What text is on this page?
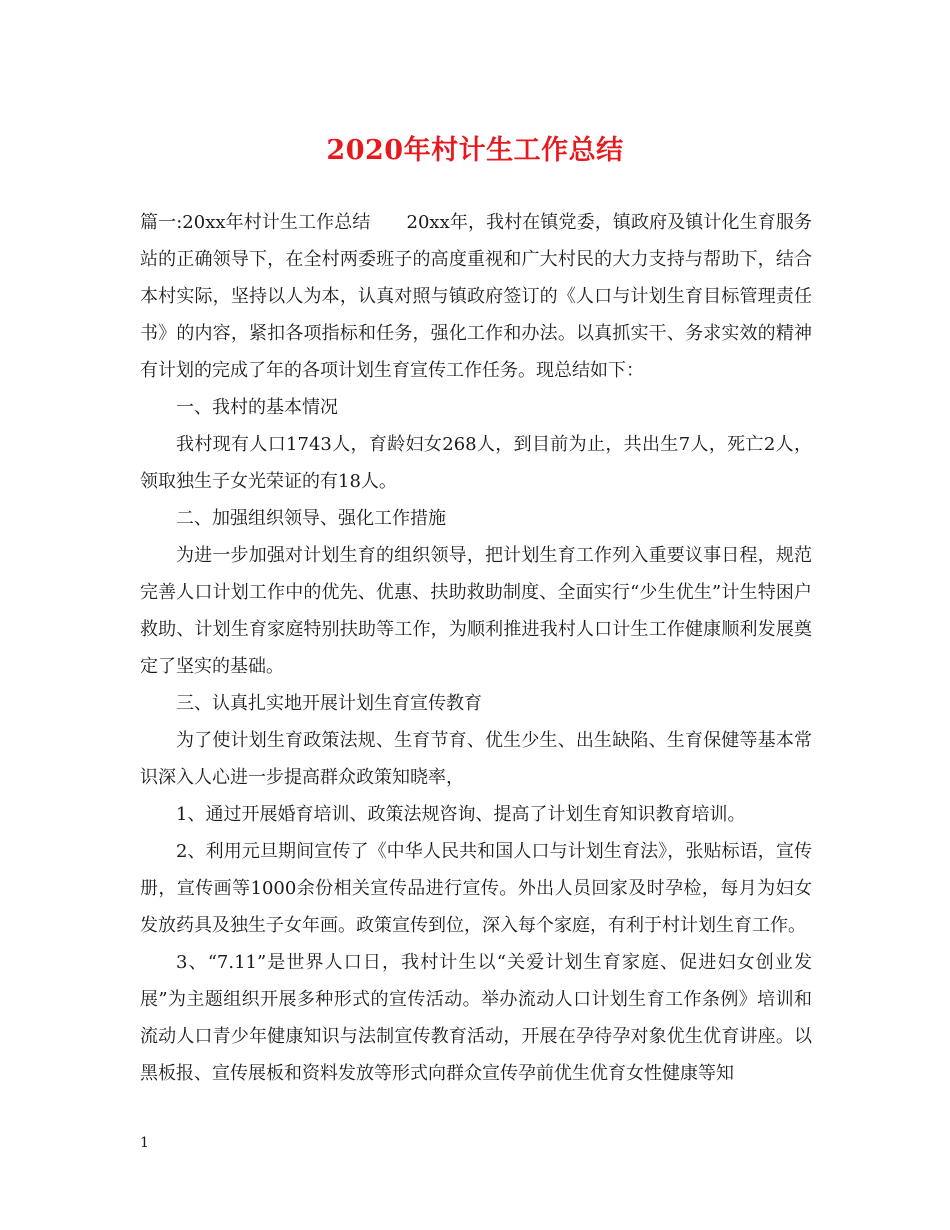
2020年村计生工作总结

篇一:20xx年村计生工作总结 20xx年，我村在镇党委，镇政府及镇计化生育服务站的正确领导下，在全村两委班子的高度重视和广大村民的大力支持与帮助下，结合本村实际，坚持以人为本，认真对照与镇政府签订的《人口与计划生育目标管理责任书》的内容，紧扣各项指标和任务，强化工作和办法。以真抓实干、务求实效的精神有计划的完成了年的各项计划生育宣传工作任务。现总结如下：

一、我村的基本情况

我村现有人口1743人，育龄妇女268人，到目前为止，共出生7人，死亡2人，领取独生子女光荣证的有18人。

二、加强组织领导、强化工作措施

为进一步加强对计划生育的组织领导，把计划生育工作列入重要议事日程，规范完善人口计划工作中的优先、优惠、扶助救助制度、全面实行“少生优生”计生特困户救助、计划生育家庭特别扶助等工作，为顺利推进我村人口计生工作健康顺利发展奠定了坚实的基础。

三、认真扎实地开展计划生育宣传教育

为了使计划生育政策法规、生育节育、优生少生、出生缺陷、生育保健等基本常识深入人心进一步提高群众政策知晓率，

1、通过开展婚育培训、政策法规咨询、提高了计划生育知识教育培训。

2、利用元旦期间宣传了《中华人民共和国人口与计划生育法》，张贴标语，宣传册，宣传画等1000余份相关宣传品进行宣传。外出人员回家及时孕检，每月为妇女发放药具及独生子女年画。政策宣传到位，深入每个家庭，有利于村计划生育工作。

3、“7.11”是世界人口日，我村计生以“关爱计划生育家庭、促进妇女创业发展”为主题组织开展多种形式的宣传活动。举办流动人口计划生育工作条例》培训和流动人口青少年健康知识与法制宣传教育活动，开展在孕待孕对象优生优育讲座。以黑板报、宣传展板和资料发放等形式向群众宣传孕前优生优育女性健康等知

1
